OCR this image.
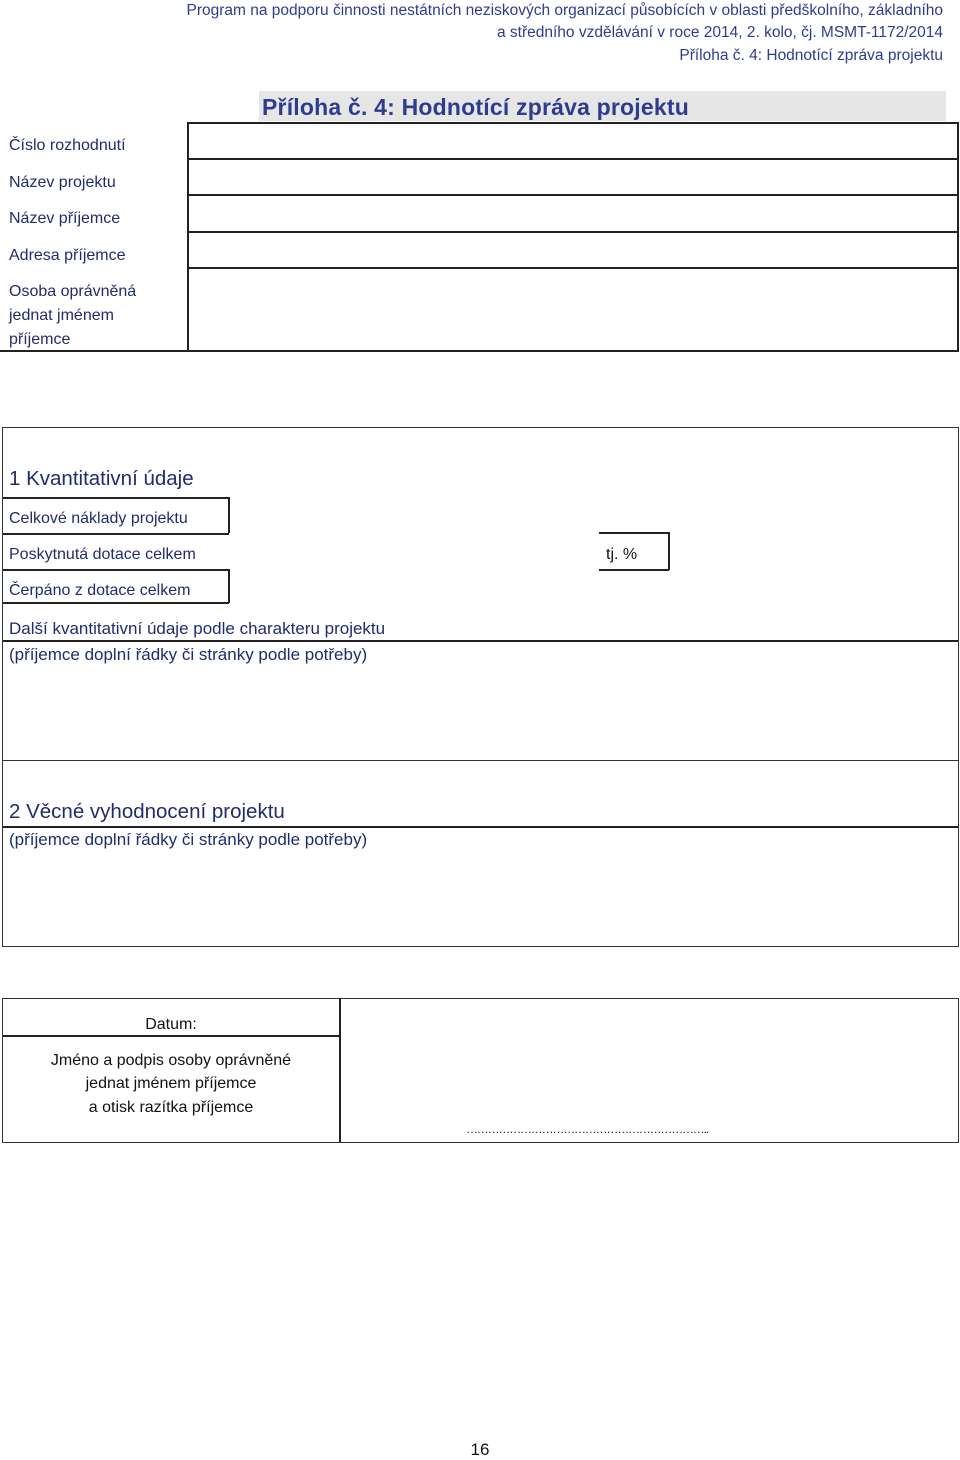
Program na podporu činnosti nestátních neziskových organizací působících v oblasti předškolního, základního
a středního vzdělávání v roce 2014, 2. kolo, čj. MSMT-1172/2014
Příloha č. 4: Hodnotící zpráva projektu
Příloha č. 4: Hodnotící zpráva projektu
Číslo rozhodnutí
Název projektu
Název příjemce
Adresa příjemce
Osoba oprávněná
jednat jménem
příjemce
1 Kvantitativní údaje
Celkové náklady projektu
Poskytnutá dotace celkem	tj. %
Čerpáno z dotace celkem
Další kvantitativní údaje podle charakteru projektu
(příjemce doplní řádky či stránky podle potřeby)
2 Věcné vyhodnocení projektu
(příjemce doplní řádky či stránky podle potřeby)
Datum:
Jméno a podpis osoby oprávněné
jednat jménem příjemce
a otisk razítka příjemce
…………………………………………………………..
16
